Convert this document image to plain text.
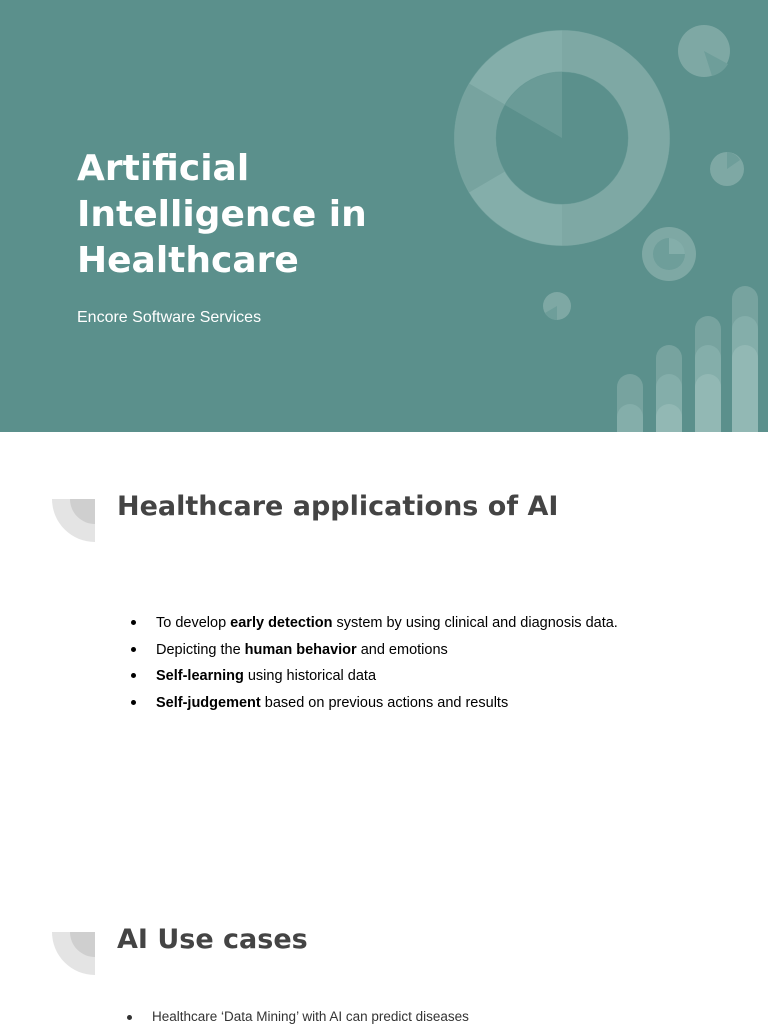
Artificial
Intelligence in
Healthcare
Encore Software Services
Healthcare applications of AI
To develop early detection system by using clinical and diagnosis data.
Depicting the human behavior and emotions
Self-learning using historical data
Self-judgement based on previous actions and results
AI Use cases
Healthcare ‘Data Mining’ with AI can predict diseases
